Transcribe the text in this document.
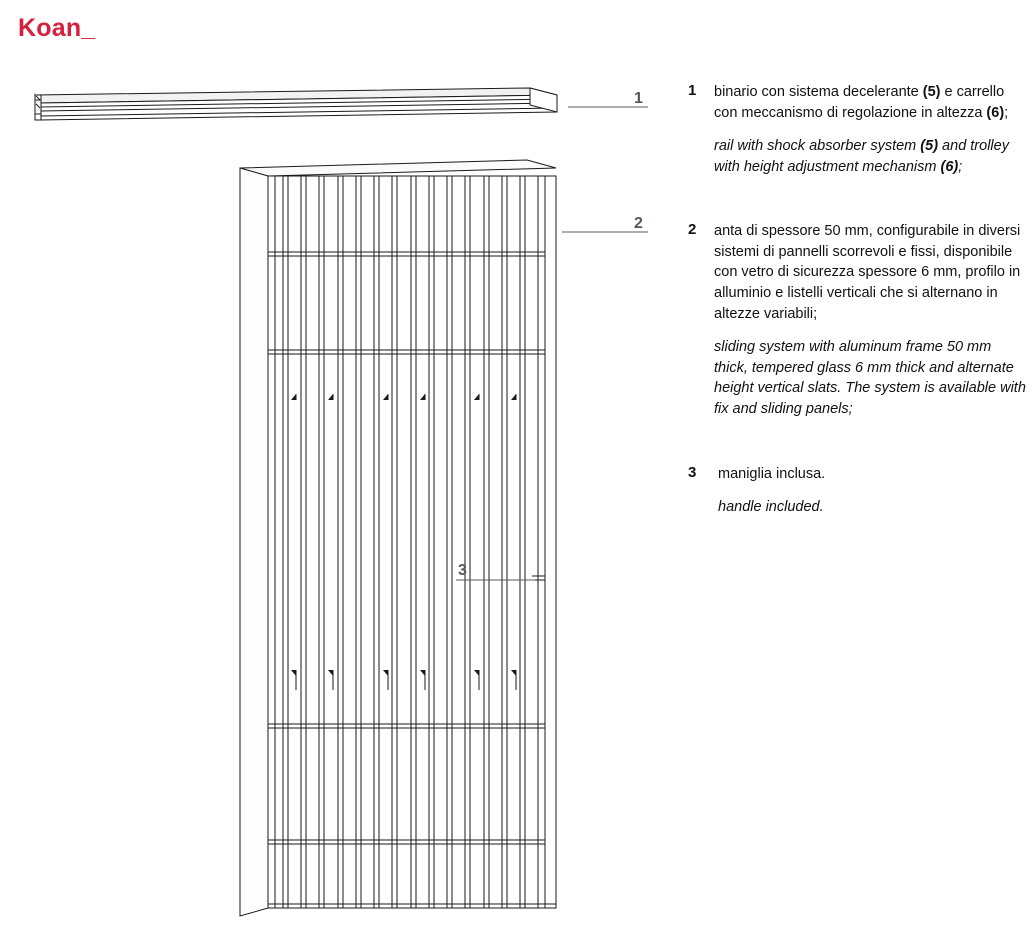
Koan_
1
2
3
1	binario con sistema decelerante (5) e carrello con meccanismo di regolazione in altezza (6);

rail with shock absorber system (5) and trolley with height adjustment mechanism (6);

2	anta di spessore 50 mm, configurabile in diversi sistemi di pannelli scorrevoli e fissi, disponibile con vetro di sicurezza spessore 6 mm, profilo in alluminio e listelli verticali che si alternano in altezze variabili;

sliding system with aluminum frame 50 mm thick, tempered glass 6 mm thick and alternate height vertical slats. The system is available with fix and sliding panels;

3	maniglia inclusa.

handle included.
